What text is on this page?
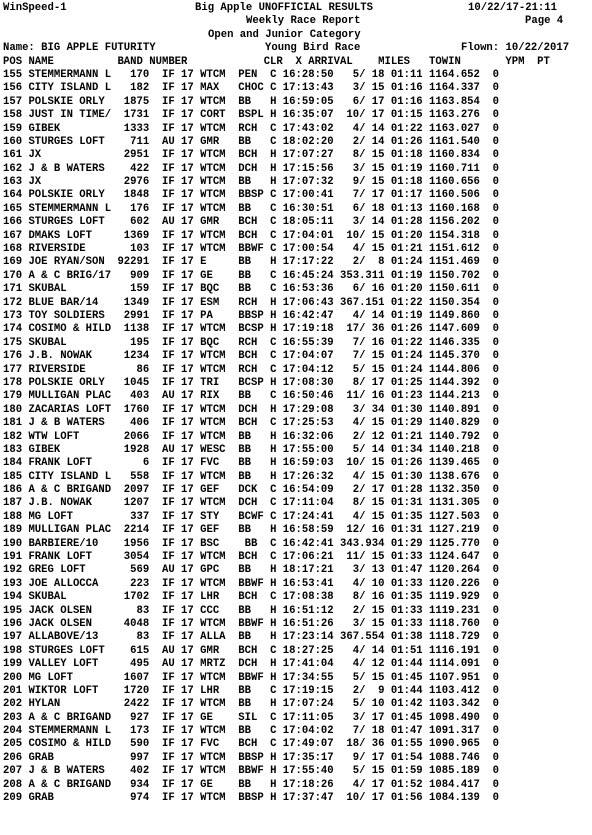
WinSpeed-1	Big Apple UNOFFICIAL RESULTS	10/22/17-21:11
Weekly Race Report	Page 4
Open and Junior Category
Name: BIG APPLE FUTURITY	Young Bird Race	Flown: 10/22/2017
POS NAME	BAND NUMBER	CLR X ARRIVAL MILES TOWIN	YPM PT
155 STEMMERMANN L   170 IF 17 WTCM  PEN  C 16:28:50   5/ 18 01:11 1164.652 0
156 CITY ISLAND L   182 IF 17 MAX   CHOC C 17:13:43   3/ 15 01:16 1164.337 0
157 POLSKIE ORLY   1875 IF 17 WTCM  BB   H 16:59:05   6/ 17 01:16 1163.854 0
158 JUST IN TIME/  1731 IF 17 CORT  BSPL H 16:35:07  10/ 17 01:15 1163.276 0
159 GIBEK          1333 IF 17 WTCM  RCH  C 17:43:02   4/ 14 01:22 1163.027 0
160 STURGES LOFT    711 AU 17 GMR   BB   C 18:02:20   2/ 14 01:26 1161.540 0
161 JX             2951 IF 17 WTCM  BCH  H 17:07:27   8/ 15 01:18 1160.834 0
162 J & B WATERS    422 IF 17 WTCM  DCH  H 17:15:56   3/ 15 01:19 1160.711 0
163 JX             2976 IF 17 WTCM  BB   H 17:07:32   9/ 15 01:18 1160.656 0
164 POLSKIE ORLY   1848 IF 17 WTCM  BBSP C 17:00:41   7/ 17 01:17 1160.506 0
165 STEMMERMANN L   176 IF 17 WTCM  BB   C 16:30:51   6/ 18 01:13 1160.168 0
166 STURGES LOFT    602 AU 17 GMR   BCH  C 18:05:11   3/ 14 01:28 1156.202 0
167 DMAKS LOFT     1369 IF 17 WTCM  BCH  C 17:04:01  10/ 15 01:20 1154.318 0
168 RIVERSIDE       103 IF 17 WTCM  BBWF C 17:00:54   4/ 15 01:21 1151.612 0
169 JOE RYAN/SON  92291 IF 17 E     BB   H 17:17:22   2/  8 01:24 1151.469 0
170 A & C BRIG/17   909 IF 17 GE    BB   C 16:45:24 353.311 01:19 1150.702 0
171 SKUBAL          159 IF 17 BQC   BB   C 16:53:36   6/ 16 01:20 1150.611 0
172 BLUE BAR/14    1349 IF 17 ESM   RCH  H 17:06:43 367.151 01:22 1150.354 0
173 TOY SOLDIERS   2991 IF 17 PA    BBSP H 16:42:47   4/ 14 01:19 1149.860 0
174 COSIMO & HILD  1138 IF 17 WTCM  BCSP H 17:19:18  17/ 36 01:26 1147.609 0
175 SKUBAL          195 IF 17 BQC   RCH  C 16:55:39   7/ 16 01:22 1146.335 0
176 J.B. NOWAK     1234 IF 17 WTCM  BCH  C 17:04:07   7/ 15 01:24 1145.370 0
177 RIVERSIDE        86 IF 17 WTCM  RCH  C 17:04:12   5/ 15 01:24 1144.806 0
178 POLSKIE ORLY   1045 IF 17 TRI   BCSP H 17:08:30   8/ 17 01:25 1144.392 0
179 MULLIGAN PLAC   403 AU 17 RIX   BB   C 16:50:46  11/ 16 01:23 1144.213 0
180 ZACARIAS LOFT  1760 IF 17 WTCM  DCH  H 17:29:08   3/ 34 01:30 1140.891 0
181 J & B WATERS    406 IF 17 WTCM  BCH  C 17:25:53   4/ 15 01:29 1140.829 0
182 WTW LOFT       2066 IF 17 WTCM  BB   H 16:32:06   2/ 12 01:21 1140.792 0
183 GIBEK          1928 AU 17 WESC  BB   H 17:55:00   5/ 14 01:34 1140.218 0
184 FRANK LOFT        6 IF 17 FVC   BB   H 16:59:03  10/ 15 01:26 1139.465 0
185 CITY ISLAND L   558 IF 17 WTCM  BB   H 17:26:32   4/ 15 01:30 1138.676 0
186 A & C BRIGAND  2097 IF 17 GEF   DCK  C 16:54:09   2/ 17 01:28 1132.350 0
187 J.B. NOWAK     1207 IF 17 WTCM  DCH  C 17:11:04   8/ 15 01:31 1131.305 0
188 MG LOFT         337 IF 17 STY   BCWF C 17:24:41   4/ 15 01:35 1127.503 0
189 MULLIGAN PLAC  2214 IF 17 GEF   BB   H 16:58:59  12/ 16 01:31 1127.219 0
190 BARBIERE/10    1956 IF 17 BSC    BB  C 16:42:41 343.934 01:29 1125.770 0
191 FRANK LOFT     3054 IF 17 WTCM  BCH  C 17:06:21  11/ 15 01:33 1124.647 0
192 GREG LOFT       569 AU 17 GPC   BB   H 18:17:21   3/ 13 01:47 1120.264 0
193 JOE ALLOCCA     223 IF 17 WTCM  BBWF H 16:53:41   4/ 10 01:33 1120.226 0
194 SKUBAL         1702 IF 17 LHR   BCH  C 17:08:38   8/ 16 01:35 1119.929 0
195 JACK OLSEN       83 IF 17 CCC   BB   H 16:51:12   2/ 15 01:33 1119.231 0
196 JACK OLSEN     4048 IF 17 WTCM  BBWF H 16:51:26   3/ 15 01:33 1118.760 0
197 ALLABOVE/13      83 IF 17 ALLA  BB   H 17:23:14 367.554 01:38 1118.729 0
198 STURGES LOFT    615 AU 17 GMR   BCH  C 18:27:25   4/ 14 01:51 1116.191 0
199 VALLEY LOFT     495 AU 17 MRTZ  DCH  H 17:41:04   4/ 12 01:44 1114.091 0
200 MG LOFT        1607 IF 17 WTCM  BBWF H 17:34:55   5/ 15 01:45 1107.951 0
201 WIKTOR LOFT    1720 IF 17 LHR   BB   C 17:19:15   2/  9 01:44 1103.412 0
202 HYLAN          2422 IF 17 WTCM  BB   H 17:07:24   5/ 10 01:42 1103.342 0
203 A & C BRIGAND   927 IF 17 GE    SIL  C 17:11:05   3/ 17 01:45 1098.490 0
204 STEMMERMANN L   173 IF 17 WTCM  BB   C 17:04:02   7/ 18 01:47 1091.317 0
205 COSIMO & HILD   590 IF 17 FVC   BCH  C 17:49:07  18/ 36 01:55 1090.965 0
206 GRAB            997 IF 17 WTCM  BBSP H 17:35:17   9/ 17 01:54 1088.746 0
207 J & B WATERS    402 IF 17 WTCM  BBWF H 17:55:40   5/ 15 01:59 1085.189 0
208 A & C BRIGAND   934 IF 17 GE    BB   H 17:18:26   4/ 17 01:52 1084.417 0
209 GRAB            974 IF 17 WTCM  BBSP H 17:37:47  10/ 17 01:56 1084.139 0
